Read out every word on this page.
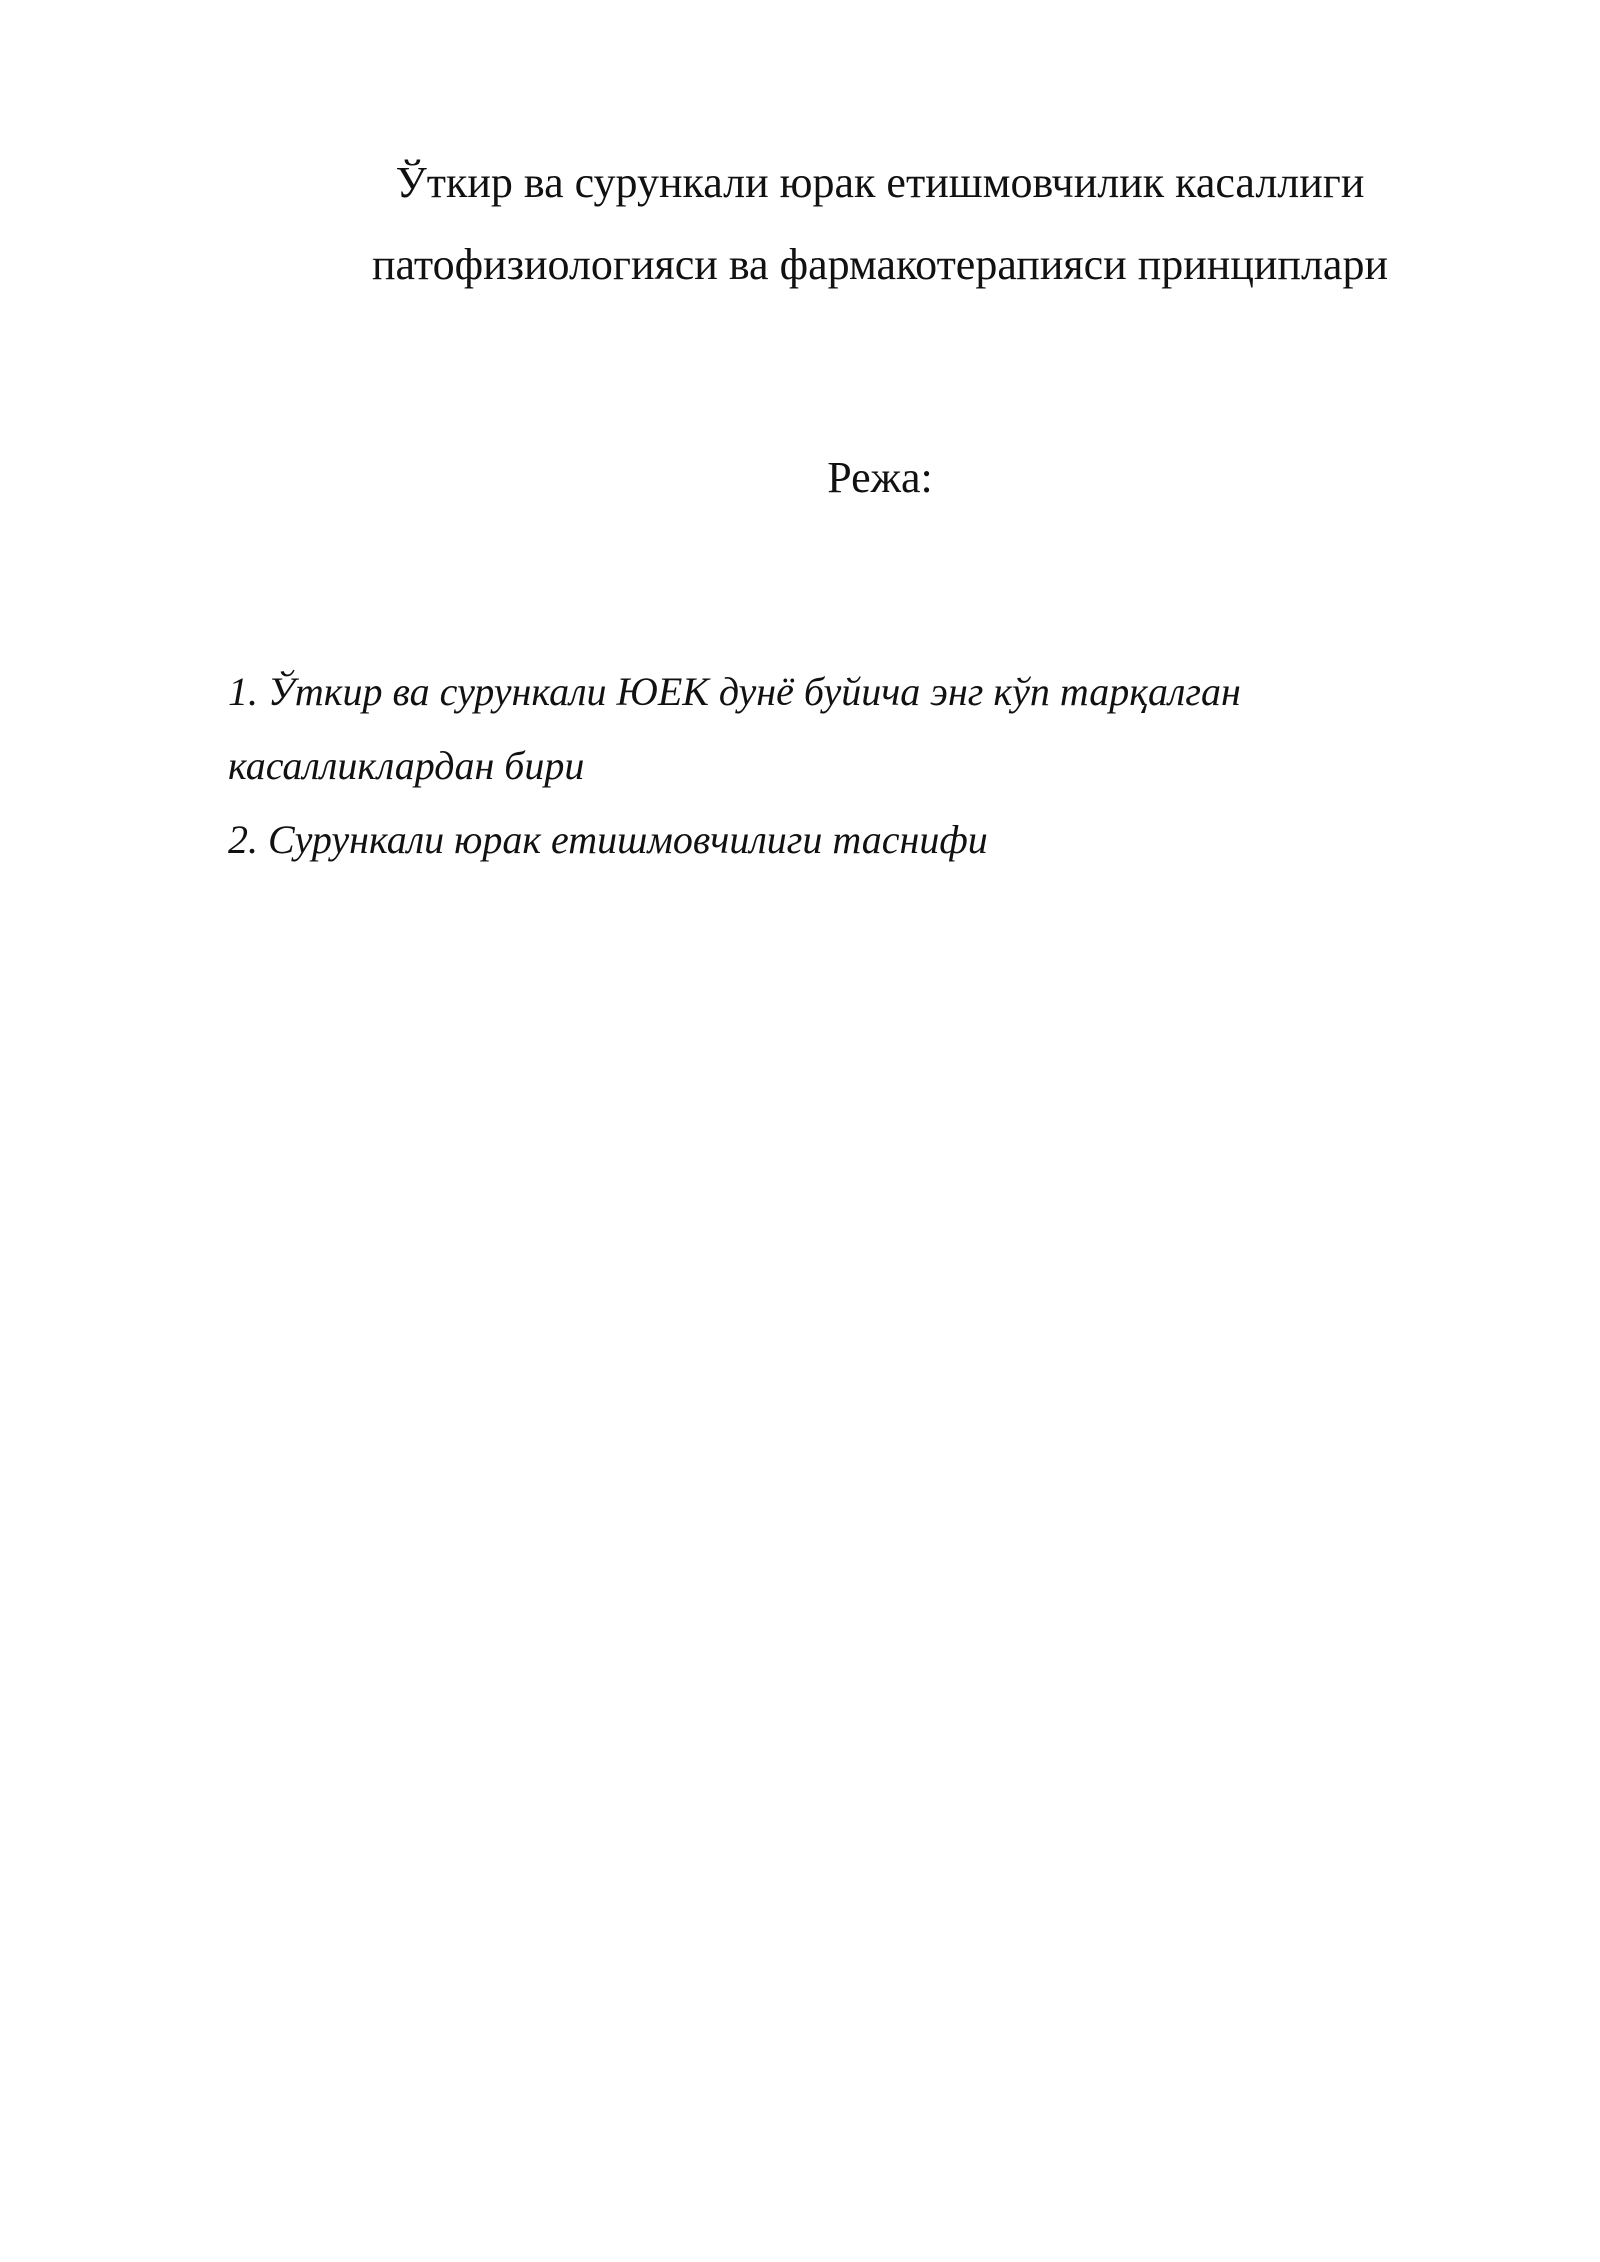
Ўткир ва сурункали юрак етишмовчилик касаллиги
патофизиологияси ва фармакотерапияси принциплари
Режа:
1. Ўткир ва сурункали ЮЕК дунё буйича энг кўп тарқалган
касалликлардан бири
2. Сурункали юрак етишмовчилиги таснифи
